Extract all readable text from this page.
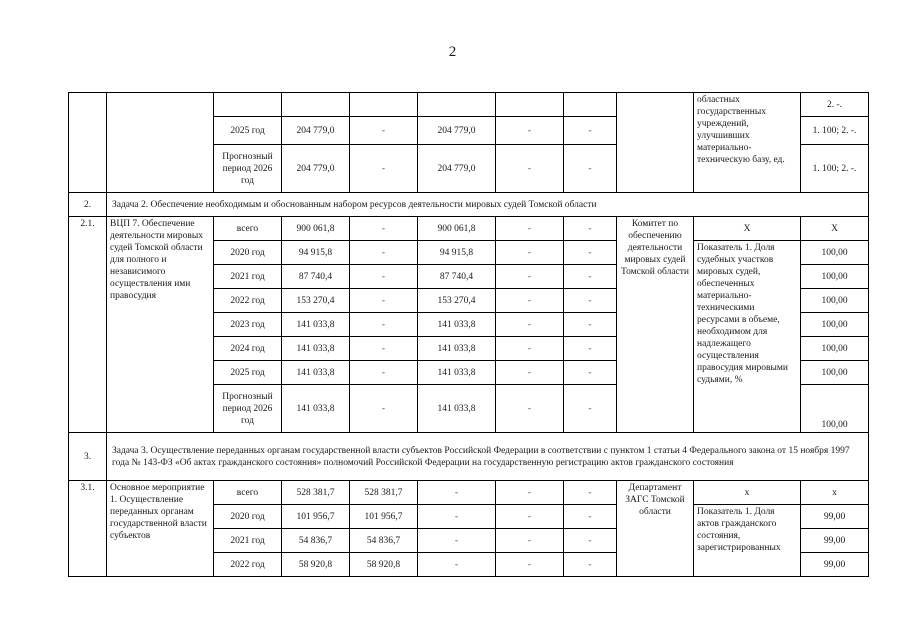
2
									областных государственных учреждений, улучшивших материально-техническую базу, ед.	2. -.
		2025 год	204 779,0	-	204 779,0	-	-			1. 100; 2. -.
		Прогнозный период 2026 год	204 779,0	-	204 779,0	-	-			1. 100; 2. -.
2.	Задача 2. Обеспечение необходимым и обоснованным набором ресурсов деятельности мировых судей Томской области									
2.1.	ВЦП 7. Обеспечение деятельности мировых судей Томской области для полного и независимого осуществления ими правосудия	всего	900 061,8	-	900 061,8	-	-	Комитет по обеспечению деятельности мировых судей Томской области	Х	Х
		2020 год	94 915,8	-	94 915,8	-	-		Показатель 1. Доля судебных участков мировых судей, обеспеченных материально-техническими ресурсами в объеме, необходимом для надлежащего осуществления правосудия мировыми судьями, %	100,00
		2021 год	87 740,4	-	87 740,4	-	-			100,00
		2022 год	153 270,4	-	153 270,4	-	-			100,00
		2023 год	141 033,8	-	141 033,8	-	-			100,00
		2024 год	141 033,8	-	141 033,8	-	-			100,00
		2025 год	141 033,8	-	141 033,8	-	-			100,00
		Прогнозный период 2026 год	141 033,8	-	141 033,8	-	-			100,00
3.	Задача 3. Осуществление переданных органам государственной власти субъектов Российской Федерации в соответствии с пунктом 1 статьи 4 Федерального закона от 15 ноября 1997 года № 143-ФЗ «Об актах гражданского состояния» полномочий Российской Федерации на государственную регистрацию актов гражданского состояния									
3.1.	Основное мероприятие 1. Осуществление переданных органам государственной власти субъектов	всего	528 381,7	528 381,7	-	-	-	Департамент ЗАГС Томской области	х	х
		2020 год	101 956,7	101 956,7	-	-	-		Показатель 1. Доля актов гражданского состояния, зарегистрированных	99,00
		2021 год	54 836,7	54 836,7	-	-	-			99,00
		2022 год	58 920,8	58 920,8	-	-	-			99,00
